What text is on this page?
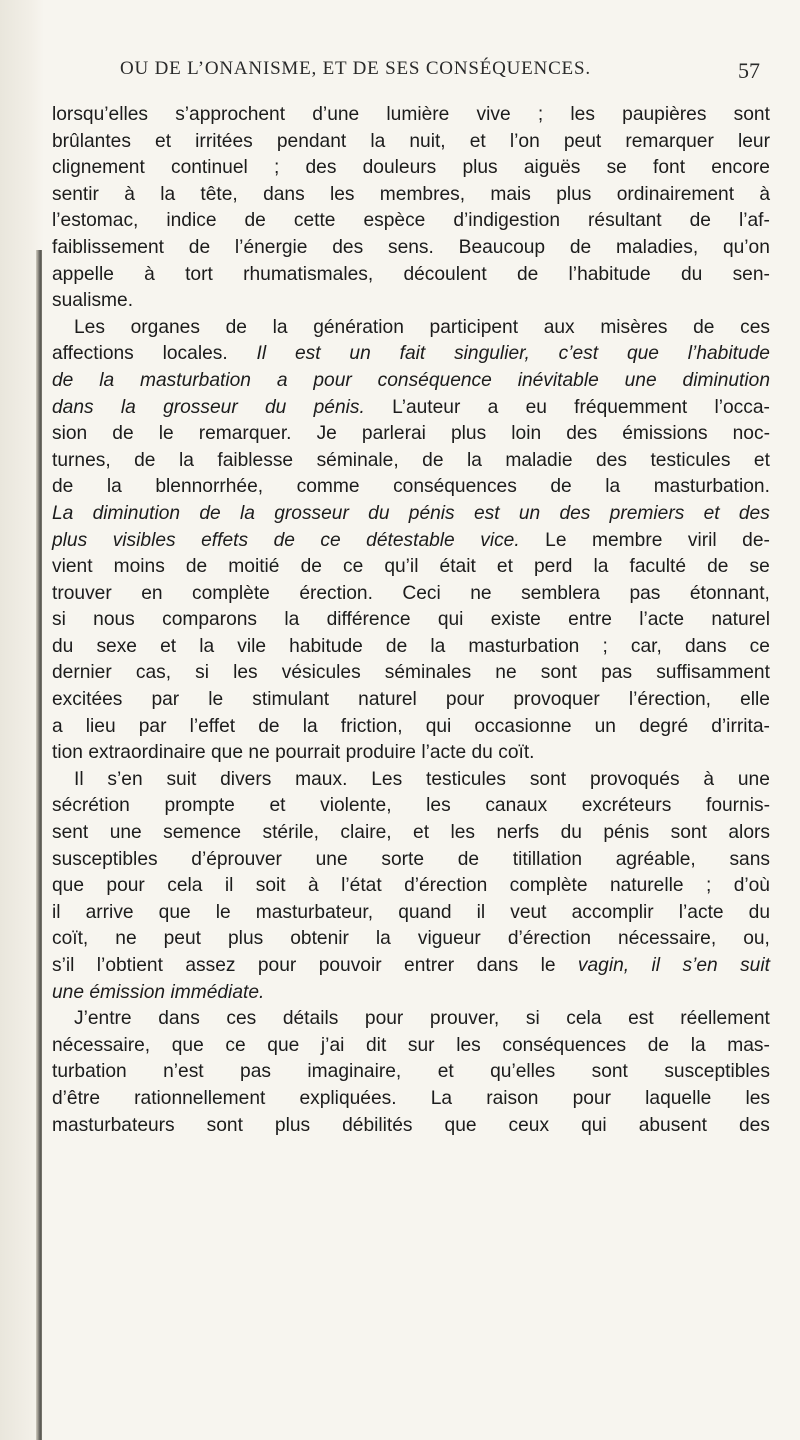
OU DE L’ONANISME, ET DE SES CONSÉQUENCES.	57
lorsqu’elles s’approchent d’une lumière vive ; les paupières sont
brûlantes et irritées pendant la nuit, et l’on peut remarquer leur
clignement continuel ; des douleurs plus aiguës se font encore
sentir à la tête, dans les membres, mais plus ordinairement à
l’estomac, indice de cette espèce d’indigestion résultant de l’af-
faiblissement de l’énergie des sens. Beaucoup de maladies, qu’on
appelle à tort rhumatismales, découlent de l’habitude du sen-
sualisme.
Les organes de la génération participent aux misères de ces
affections locales. Il est un fait singulier, c’est que l’habitude
de la masturbation a pour conséquence inévitable une diminution
dans la grosseur du pénis. L’auteur a eu fréquemment l’occa-
sion de le remarquer. Je parlerai plus loin des émissions noc-
turnes, de la faiblesse séminale, de la maladie des testicules et
de la blennorrhée, comme conséquences de la masturbation.
La diminution de la grosseur du pénis est un des premiers et des
plus visibles effets de ce détestable vice. Le membre viril de-
vient moins de moitié de ce qu’il était et perd la faculté de se
trouver en complète érection. Ceci ne semblera pas étonnant,
si nous comparons la différence qui existe entre l’acte naturel
du sexe et la vile habitude de la masturbation ; car, dans ce
dernier cas, si les vésicules séminales ne sont pas suffisamment
excitées par le stimulant naturel pour provoquer l’érection, elle
a lieu par l’effet de la friction, qui occasionne un degré d’irrita-
tion extraordinaire que ne pourrait produire l’acte du coït.
Il s’en suit divers maux. Les testicules sont provoqués à une
sécrétion prompte et violente, les canaux excréteurs fournis-
sent une semence stérile, claire, et les nerfs du pénis sont alors
susceptibles d’éprouver une sorte de titillation agréable, sans
que pour cela il soit à l’état d’érection complète naturelle ; d’où
il arrive que le masturbateur, quand il veut accomplir l’acte du
coït, ne peut plus obtenir la vigueur d’érection nécessaire, ou,
s’il l’obtient assez pour pouvoir entrer dans le vagin, il s’en suit
une émission immédiate.
J’entre dans ces détails pour prouver, si cela est réellement
nécessaire, que ce que j’ai dit sur les conséquences de la mas-
turbation n’est pas imaginaire, et qu’elles sont susceptibles
d’être rationnellement expliquées. La raison pour laquelle les
masturbateurs sont plus débilités que ceux qui abusent des
